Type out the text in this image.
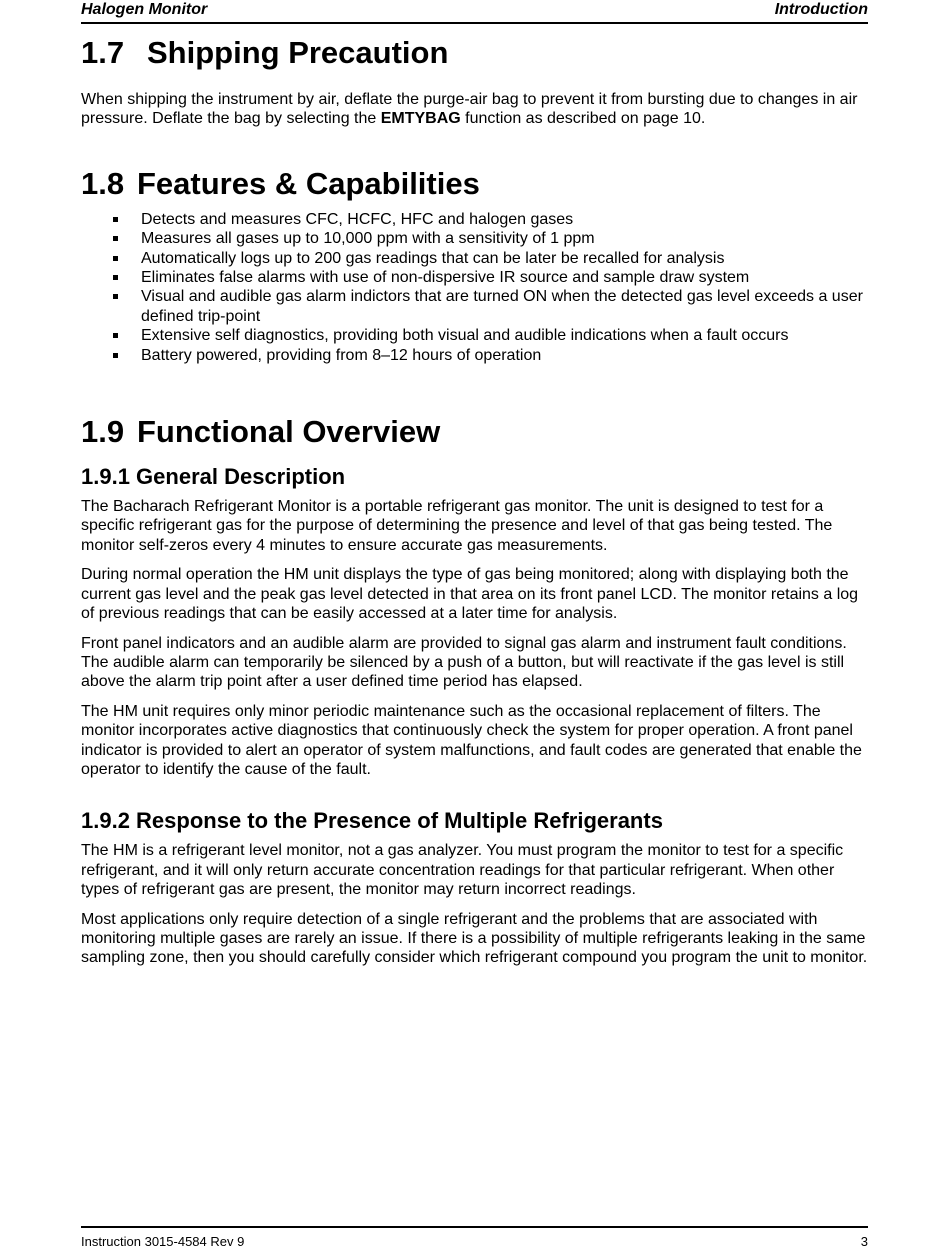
Halogen Monitor	Introduction
1.7 Shipping Precaution

When shipping the instrument by air, deflate the purge-air bag to prevent it from bursting due to changes in air pressure. Deflate the bag by selecting the EMTYBAG function as described on page 10.

1.8 Features & Capabilities
Detects and measures CFC, HCFC, HFC and halogen gases
Measures all gases up to 10,000 ppm with a sensitivity of 1 ppm
Automatically logs up to 200 gas readings that can be later be recalled for analysis
Eliminates false alarms with use of non-dispersive IR source and sample draw system
Visual and audible gas alarm indictors that are turned ON when the detected gas level exceeds a user defined trip-point
Extensive self diagnostics, providing both visual and audible indications when a fault occurs
Battery powered, providing from 8–12 hours of operation
1.9 Functional Overview
1.9.1 General Description

The Bacharach Refrigerant Monitor is a portable refrigerant gas monitor. The unit is designed to test for a specific refrigerant gas for the purpose of determining the presence and level of that gas being tested. The monitor self-zeros every 4 minutes to ensure accurate gas measurements.

During normal operation the HM unit displays the type of gas being monitored; along with displaying both the current gas level and the peak gas level detected in that area on its front panel LCD. The monitor retains a log of previous readings that can be easily accessed at a later time for analysis.

Front panel indicators and an audible alarm are provided to signal gas alarm and instrument fault conditions. The audible alarm can temporarily be silenced by a push of a button, but will reactivate if the gas level is still above the alarm trip point after a user defined time period has elapsed.

The HM unit requires only minor periodic maintenance such as the occasional replacement of filters. The monitor incorporates active diagnostics that continuously check the system for proper operation. A front panel indicator is provided to alert an operator of system malfunctions, and fault codes are generated that enable the operator to identify the cause of the fault.

1.9.2 Response to the Presence of Multiple Refrigerants

The HM is a refrigerant level monitor, not a gas analyzer. You must program the monitor to test for a specific refrigerant, and it will only return accurate concentration readings for that particular refrigerant. When other types of refrigerant gas are present, the monitor may return incorrect readings.

Most applications only require detection of a single refrigerant and the problems that are associated with monitoring multiple gases are rarely an issue. If there is a possibility of multiple refrigerants leaking in the same sampling zone, then you should carefully consider which refrigerant compound you program the unit to monitor.

Instruction 3015-4584 Rev 9	3
